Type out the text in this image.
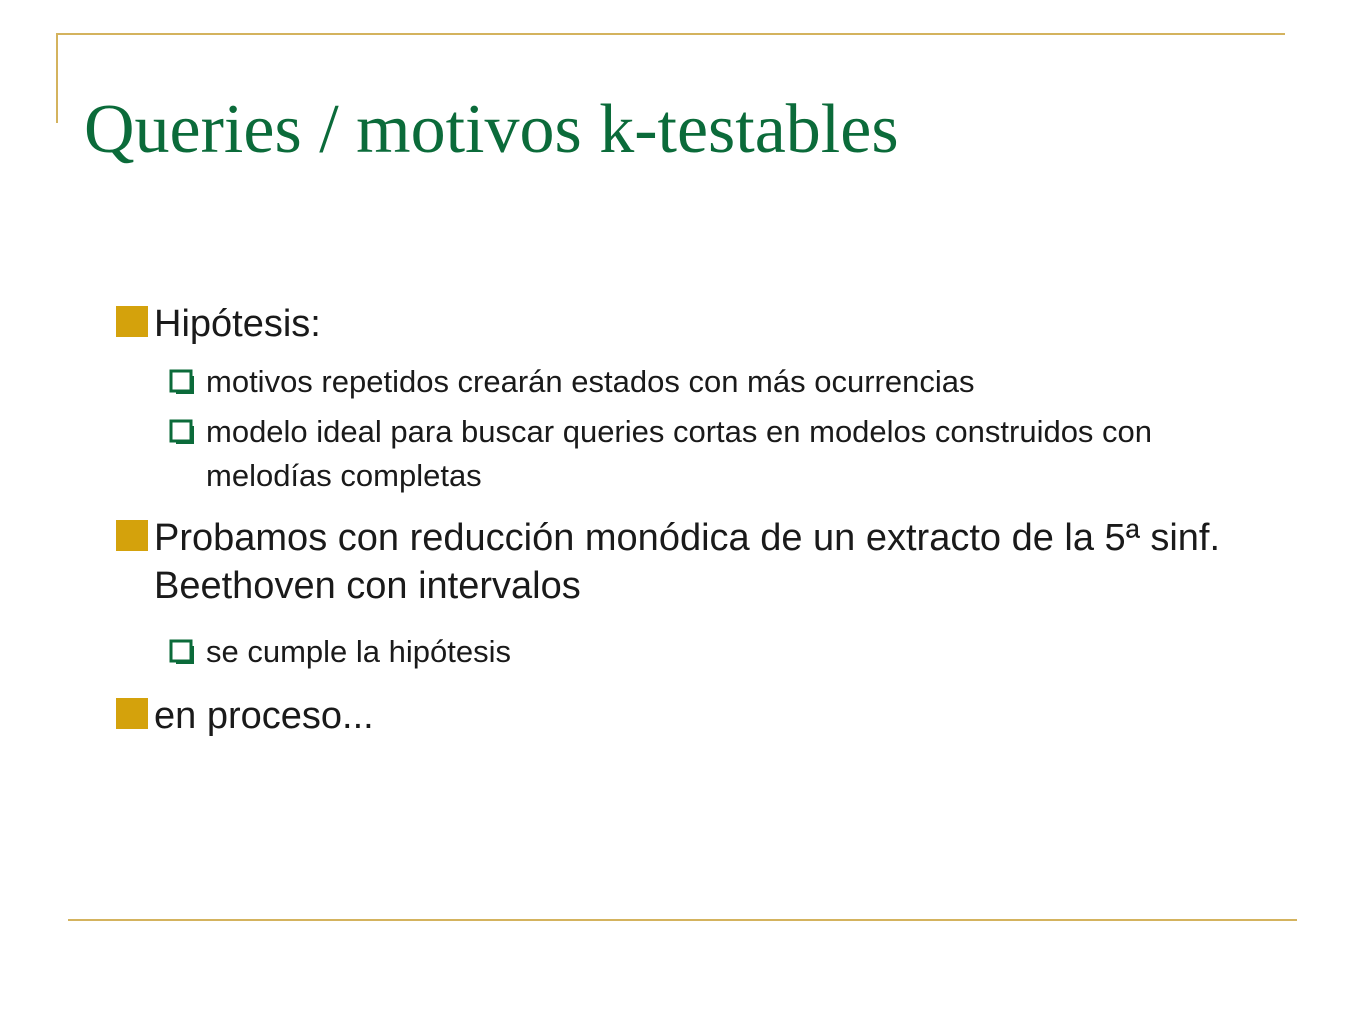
Queries / motivos k-testables
Hipótesis:
motivos repetidos crearán estados con más ocurrencias
modelo ideal para buscar queries cortas en modelos construidos con melodías completas
Probamos con reducción monódica de un extracto de la 5ª sinf. Beethoven con intervalos
se cumple la hipótesis
en proceso...
